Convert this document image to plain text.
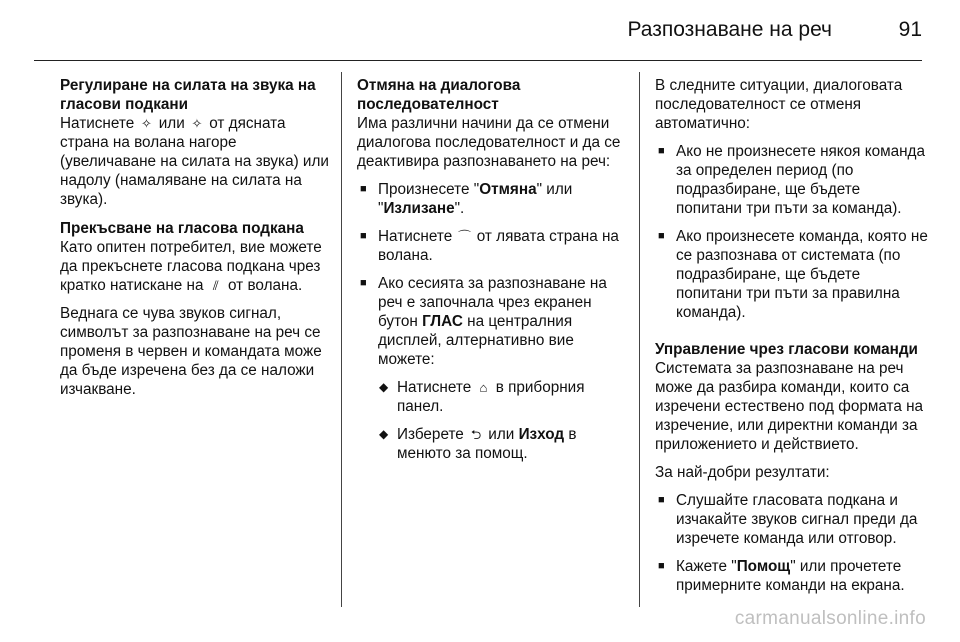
Разпознаване на реч	91
Регулиране на силата на звука на гласови подкани

Натиснете ✧ или ✧ от дясната страна на волана нагоре (увеличаване на силата на звука) или надолу (намаляване на силата на звука).

Прекъсване на гласова подкана

Като опитен потребител, вие можете да прекъснете гласова подкана чрез кратко натискане на ⫽ от волана.

Веднага се чува звуков сигнал, символът за разпознаване на реч се променя в червен и командата може да бъде изречена без да се наложи изчакване.

Отмяна на диалогова последователност

Има различни начини да се отмени диалогова последователност и да се деактивира разпознаването на реч:

■ Произнесете "Отмяна" или "Излизане".
■ Натиснете ⌒ от лявата страна на волана.
■ Ако сесията за разпознаване на реч е започнала чрез екранен бутон ГЛАС на централния дисплей, алтернативно вие можете:
◆ Натиснете ⌂ в приборния панел.
◆ Изберете ⮌ или Изход в менюто за помощ.

В следните ситуации, диалоговата последователност се отменя автоматично:

■ Ако не произнесете някоя команда за определен период (по подразбиране, ще бъдете попитани три пъти за команда).
■ Ако произнесете команда, която не се разпознава от системата (по подразбиране, ще бъдете попитани три пъти за правилна команда).
Управление чрез гласови команди

Системата за разпознаване на реч може да разбира команди, които са изречени естествено под формата на изречение, или директни команди за приложението и действието.

За най-добри резултати:

■ Слушайте гласовата подкана и изчакайте звуков сигнал преди да изречете команда или отговор.
■ Кажете "Помощ" или прочетете примерните команди на екрана.
carmanualsonline.info
